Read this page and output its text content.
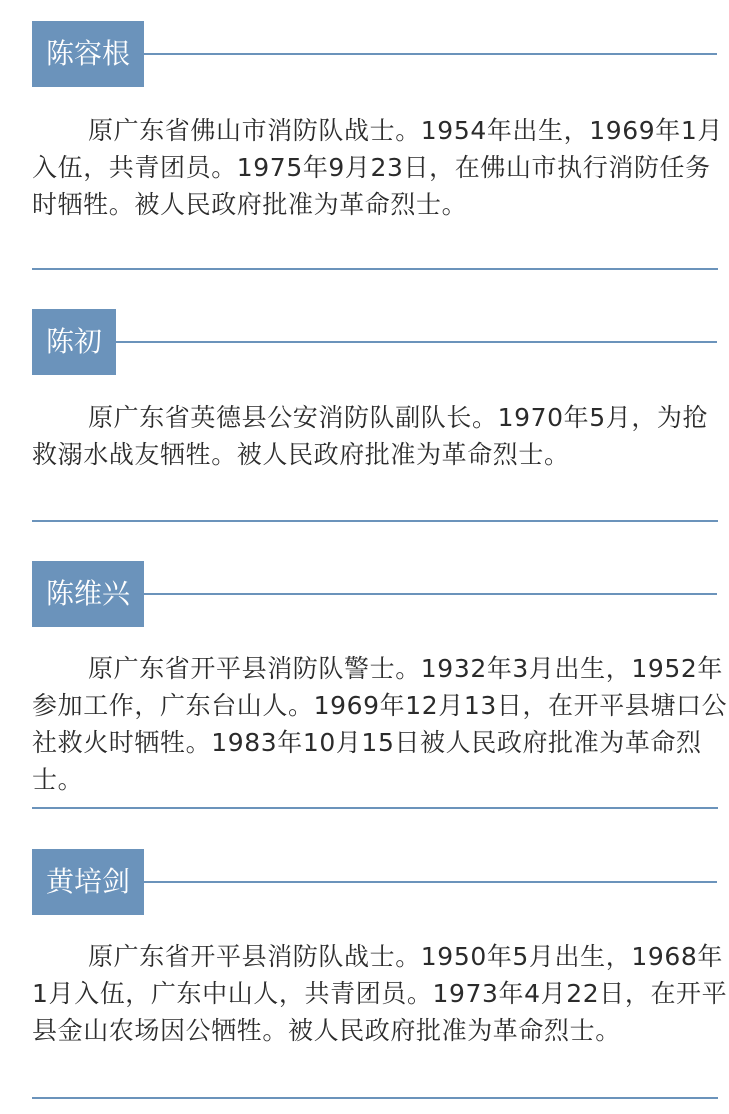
陈容根

原广东省佛山市消防队战士。1954年出生，1969年1月入伍，共青团员。1975年9月23日，在佛山市执行消防任务时牺牲。被人民政府批准为革命烈士。

陈初

原广东省英德县公安消防队副队长。1970年5月，为抢救溺水战友牺牲。被人民政府批准为革命烈士。

陈维兴

原广东省开平县消防队警士。1932年3月出生，1952年参加工作，广东台山人。1969年12月13日，在开平县塘口公社救火时牺牲。1983年10月15日被人民政府批准为革命烈士。

黄培剑

原广东省开平县消防队战士。1950年5月出生，1968年1月入伍，广东中山人，共青团员。1973年4月22日，在开平县金山农场因公牺牲。被人民政府批准为革命烈士。
